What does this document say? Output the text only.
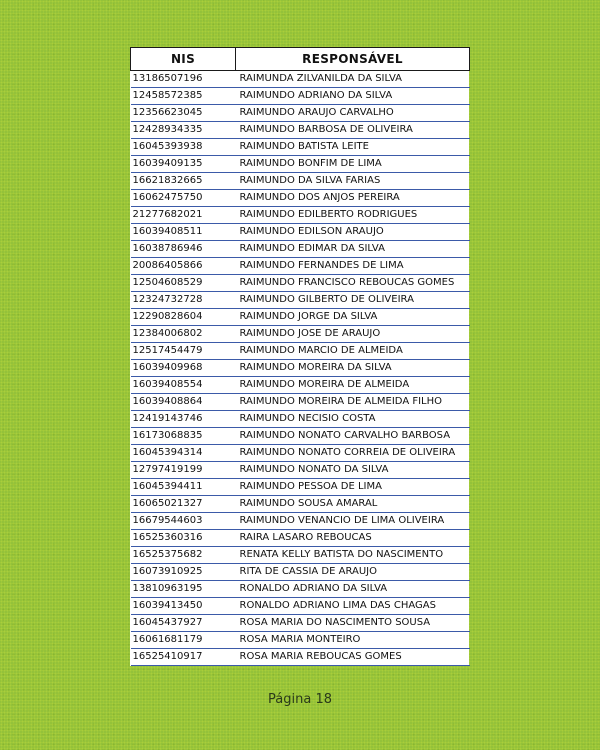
NIS	RESPONSÁVEL
13186507196	RAIMUNDA ZILVANILDA DA SILVA
12458572385	RAIMUNDO ADRIANO DA SILVA
12356623045	RAIMUNDO ARAUJO CARVALHO
12428934335	RAIMUNDO BARBOSA DE OLIVEIRA
16045393938	RAIMUNDO BATISTA LEITE
16039409135	RAIMUNDO BONFIM DE LIMA
16621832665	RAIMUNDO DA SILVA FARIAS
16062475750	RAIMUNDO DOS ANJOS PEREIRA
21277682021	RAIMUNDO EDILBERTO RODRIGUES
16039408511	RAIMUNDO EDILSON ARAUJO
16038786946	RAIMUNDO EDIMAR DA SILVA
20086405866	RAIMUNDO FERNANDES DE LIMA
12504608529	RAIMUNDO FRANCISCO REBOUCAS GOMES
12324732728	RAIMUNDO GILBERTO DE OLIVEIRA
12290828604	RAIMUNDO JORGE DA SILVA
12384006802	RAIMUNDO JOSE DE ARAUJO
12517454479	RAIMUNDO MARCIO DE ALMEIDA
16039409968	RAIMUNDO MOREIRA DA SILVA
16039408554	RAIMUNDO MOREIRA DE ALMEIDA
16039408864	RAIMUNDO MOREIRA DE ALMEIDA FILHO
12419143746	RAIMUNDO NECISIO COSTA
16173068835	RAIMUNDO NONATO CARVALHO BARBOSA
16045394314	RAIMUNDO NONATO CORREIA DE OLIVEIRA
12797419199	RAIMUNDO NONATO DA SILVA
16045394411	RAIMUNDO PESSOA DE LIMA
16065021327	RAIMUNDO SOUSA AMARAL
16679544603	RAIMUNDO VENANCIO DE LIMA OLIVEIRA
16525360316	RAIRA LASARO REBOUCAS
16525375682	RENATA KELLY BATISTA DO NASCIMENTO
16073910925	RITA DE CASSIA DE ARAUJO
13810963195	RONALDO ADRIANO DA SILVA
16039413450	RONALDO ADRIANO LIMA DAS CHAGAS
16045437927	ROSA MARIA DO NASCIMENTO SOUSA
16061681179	ROSA MARIA MONTEIRO
16525410917	ROSA MARIA REBOUCAS GOMES
Página 18
